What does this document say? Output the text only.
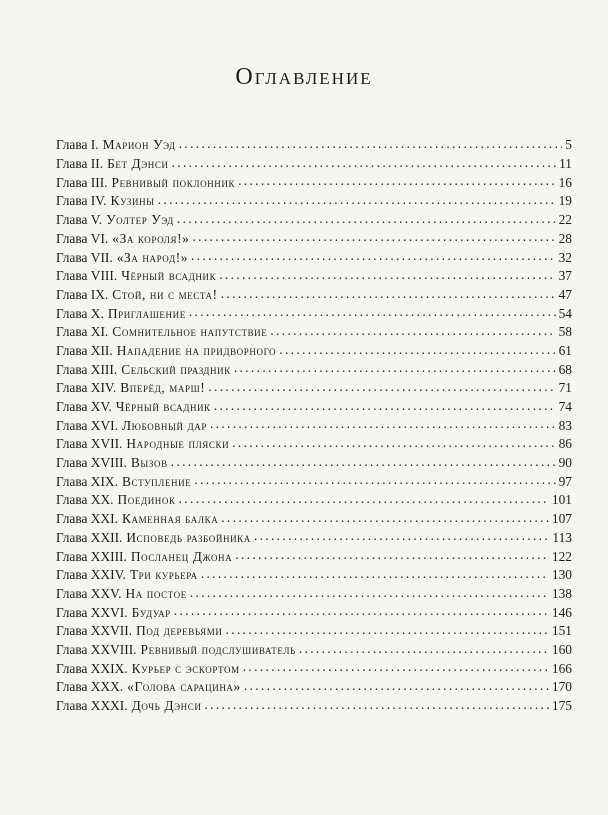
Оглавление
Глава I. Марион Уэд . . .	5
Глава II. Бет Дэнси . . .	11
Глава III. Ревнивый поклонник . . .	16
Глава IV. Кузины . . .	19
Глава V. Уолтер Уэд . . .	22
Глава VI. «За короля!» . . .	28
Глава VII. «За народ!» . . .	32
Глава VIII. Чёрный всадник . . .	37
Глава IX. Стой, ни с места! . . .	47
Глава X. Приглашение . . .	54
Глава XI. Сомнительное напутствие . . .	58
Глава XII. Нападение на придворного . . .	61
Глава XIII. Сельский праздник . . .	68
Глава XIV. Вперёд, марш! . . .	71
Глава XV. Чёрный всадник . . .	74
Глава XVI. Любовный дар . . .	83
Глава XVII. Народные пляски . . .	86
Глава XVIII. Вызов . . .	90
Глава XIX. Вступление . . .	97
Глава XX. Поединок . . .	101
Глава XXI. Каменная балка . . .	107
Глава XXII. Исповедь разбойника . . .	113
Глава XXIII. Посланец Джона . . .	122
Глава XXIV. Три курьера . . .	130
Глава XXV. На постое . . .	138
Глава XXVI. Будуар . . .	146
Глава XXVII. Под деревьями . . .	151
Глава XXVIII. Ревнивый подслушиватель . . .	160
Глава XXIX. Курьер с эскортом . . .	166
Глава XXX. «Голова сарацина» . . .	170
Глава XXXI. Дочь Дэнси . . .	175
